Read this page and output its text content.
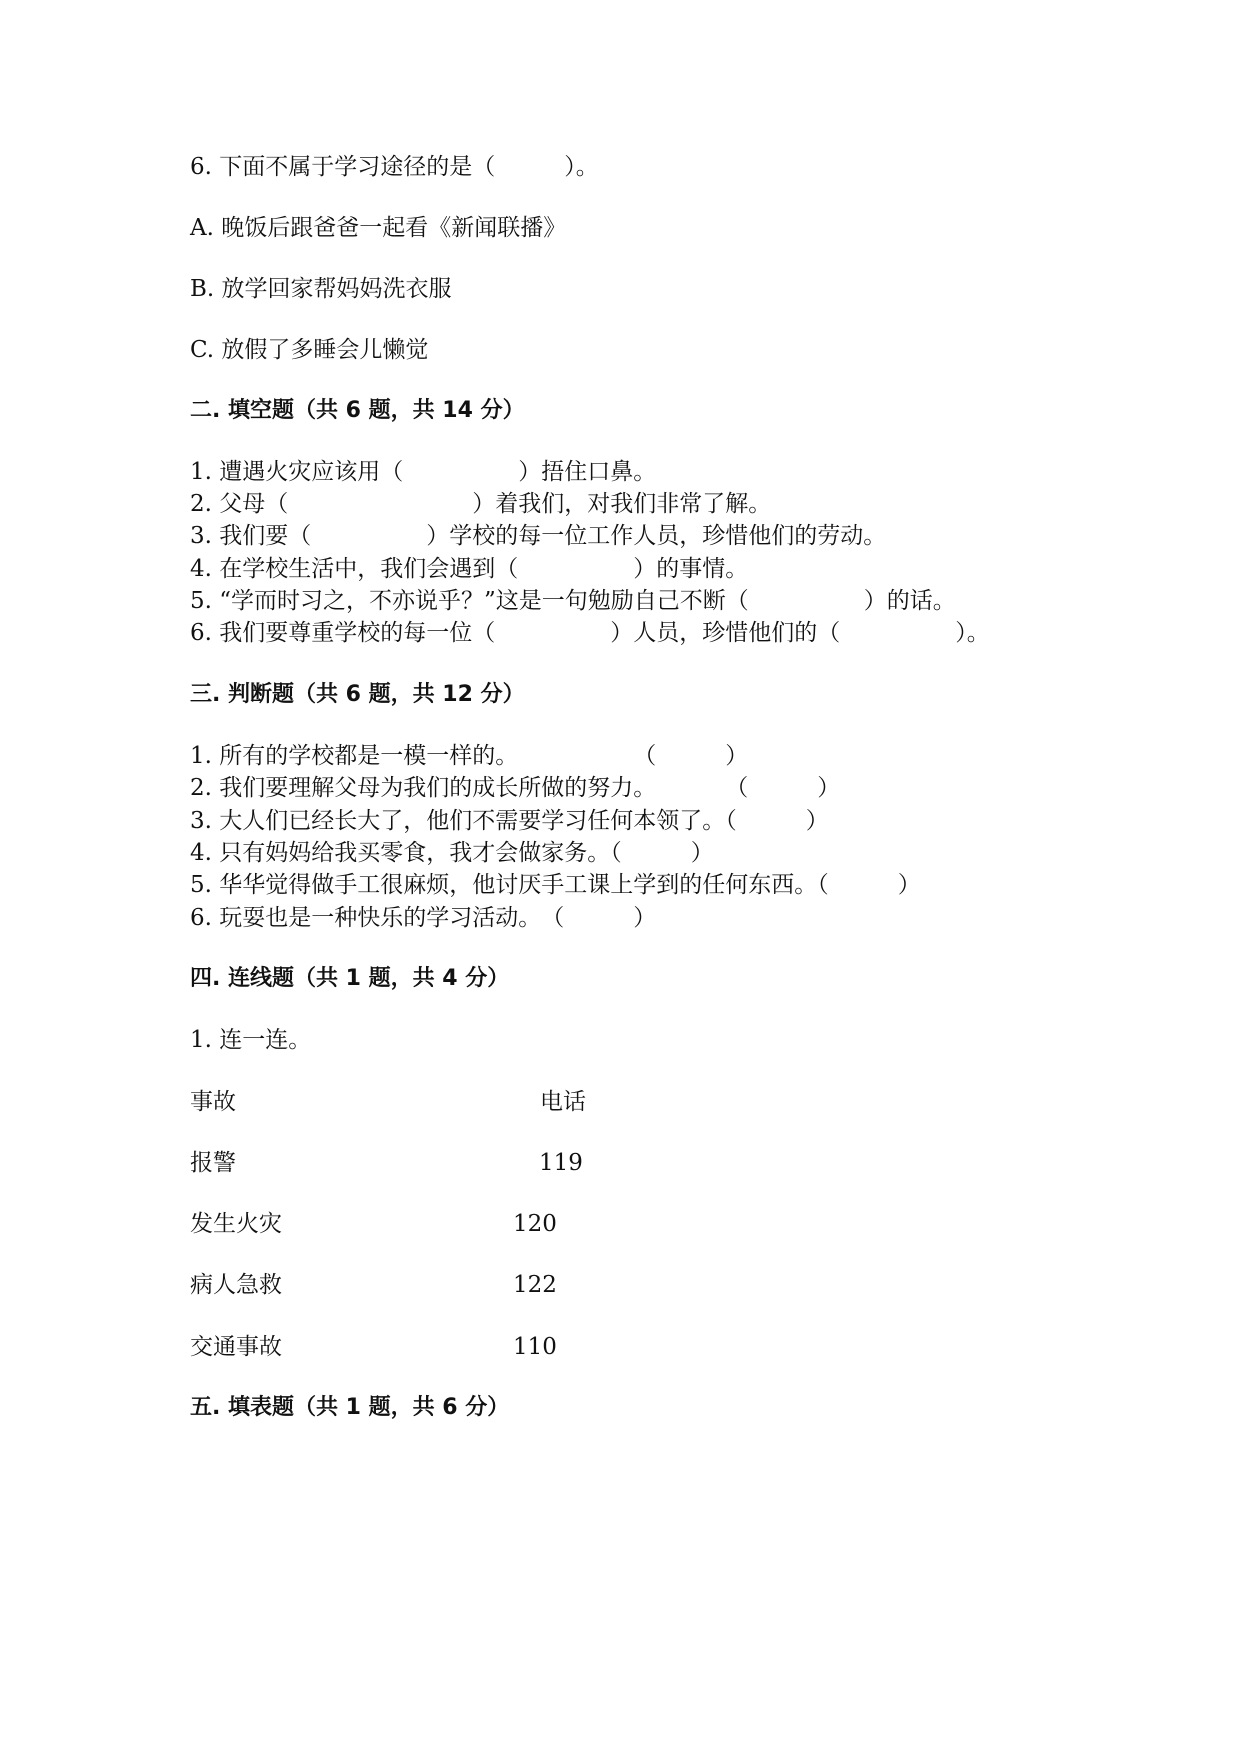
6. 下面不属于学习途径的是（　　　）。
A. 晚饭后跟爸爸一起看《新闻联播》
B. 放学回家帮妈妈洗衣服
C. 放假了多睡会儿懒觉
二. 填空题（共 6 题，共 14 分）
1. 遭遇火灾应该用（　　　　　）捂住口鼻。
2. 父母（　　　　　　　　）着我们，对我们非常了解。
3. 我们要（　　　　　）学校的每一位工作人员，珍惜他们的劳动。
4. 在学校生活中，我们会遇到（　　　　　）的事情。
5. “学而时习之，不亦说乎？”这是一句勉励自己不断（　　　　　）的话。
6. 我们要尊重学校的每一位（　　　　　）人员，珍惜他们的（　　　　　）。
三. 判断题（共 6 题，共 12 分）
1. 所有的学校都是一模一样的。　　　　　　（　　　）
2. 我们要理解父母为我们的成长所做的努力。　　　　（　　　）
3. 大人们已经长大了，他们不需要学习任何本领了。（　　　）
4. 只有妈妈给我买零食，我才会做家务。（　　　）
5. 华华觉得做手工很麻烦，他讨厌手工课上学到的任何东西。（　　　）
6. 玩耍也是一种快乐的学习活动。　（　　　）
四. 连线题（共 1 题，共 4 分）
1. 连一连。
事故	电话
报警	119
发生火灾	120
病人急救	122
交通事故	110
五. 填表题（共 1 题，共 6 分）
